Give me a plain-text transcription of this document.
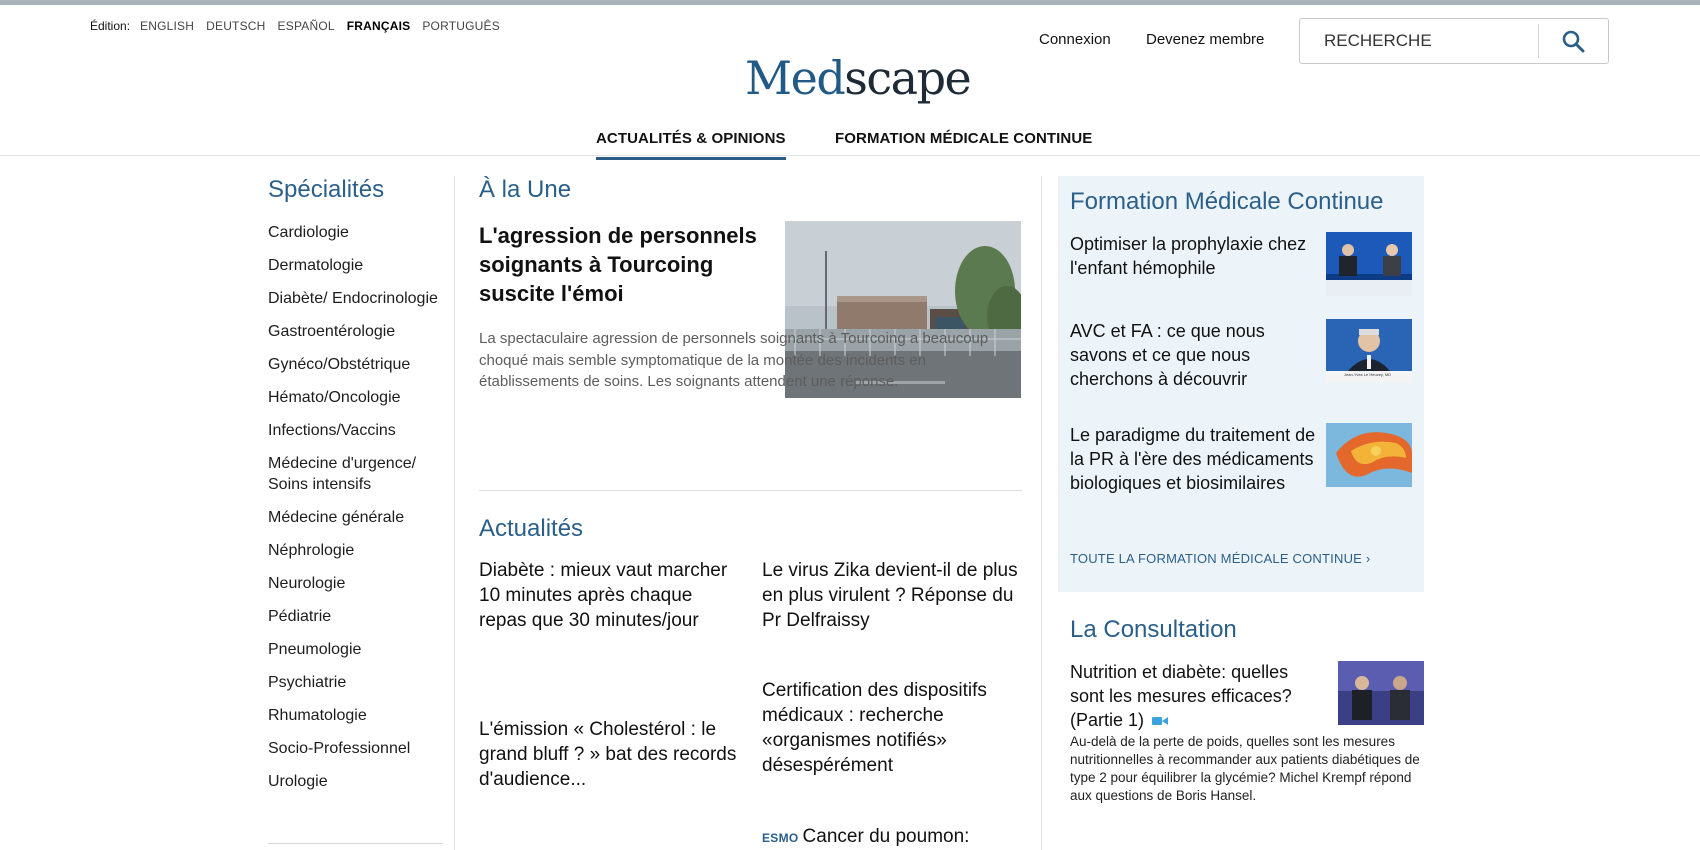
Édition: ENGLISH DEUTSCH ESPAÑOL FRANÇAIS PORTUGUÊS
Connexion Devenez membre
RECHERCHE
Medscape
ACTUALITÉS & OPINIONS	FORMATION MÉDICALE CONTINUE
Spécialités
Cardiologie
Dermatologie
Diabète/ Endocrinologie
Gastroentérologie
Gynéco/Obstétrique
Hémato/Oncologie
Infections/Vaccins
Médecine d'urgence/ Soins intensifs
Médecine générale
Néphrologie
Neurologie
Pédiatrie
Pneumologie
Psychiatrie
Rhumatologie
Socio-Professionnel
Urologie
À la Une
L'agression de personnels soignants à Tourcoing suscite l'émoi

La spectaculaire agression de personnels soignants à Tourcoing a beaucoup choqué mais semble symptomatique de la montée des incidents en établissements de soins. Les soignants attendent une réponse.

Actualités
Diabète : mieux vaut marcher 10 minutes après chaque repas que 30 minutes/jour
Le virus Zika devient-il de plus en plus virulent ? Réponse du Pr Delfraissy
L'émission « Cholestérol : le grand bluff ? » bat des records d'audience...
Certification des dispositifs médicaux : recherche «organismes notifiés» désespérément
ESMO Cancer du poumon:
Formation Médicale Continue
Optimiser la prophylaxie chez l'enfant hémophile
AVC et FA : ce que nous savons et ce que nous cherchons à découvrir	Jean-Yves Le Heuzey, MD
Le paradigme du traitement de la PR à l'ère des médicaments biologiques et biosimilaires
TOUTE LA FORMATION MÉDICALE CONTINUE ›
La Consultation
Nutrition et diabète: quelles sont les mesures efficaces? (Partie 1)

Au-delà de la perte de poids, quelles sont les mesures nutritionnelles à recommander aux patients diabétiques de type 2 pour équilibrer la glycémie? Michel Krempf répond aux questions de Boris Hansel.
